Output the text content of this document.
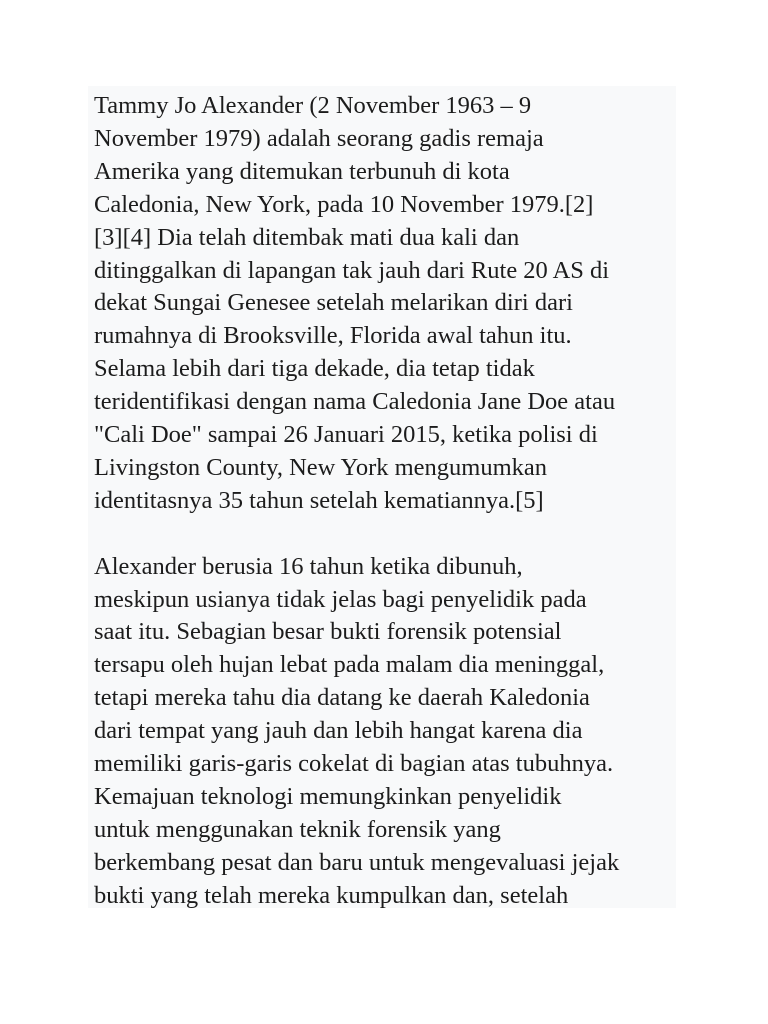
Tammy Jo Alexander (2 November 1963 – 9
November 1979) adalah seorang gadis remaja
Amerika yang ditemukan terbunuh di kota
Caledonia, New York, pada 10 November 1979.[2]
[3][4] Dia telah ditembak mati dua kali dan
ditinggalkan di lapangan tak jauh dari Rute 20 AS di
dekat Sungai Genesee setelah melarikan diri dari
rumahnya di Brooksville, Florida awal tahun itu.
Selama lebih dari tiga dekade, dia tetap tidak
teridentifikasi dengan nama Caledonia Jane Doe atau
"Cali Doe" sampai 26 Januari 2015, ketika polisi di
Livingston County, New York mengumumkan
identitasnya 35 tahun setelah kematiannya.[5]

Alexander berusia 16 tahun ketika dibunuh,
meskipun usianya tidak jelas bagi penyelidik pada
saat itu. Sebagian besar bukti forensik potensial
tersapu oleh hujan lebat pada malam dia meninggal,
tetapi mereka tahu dia datang ke daerah Kaledonia
dari tempat yang jauh dan lebih hangat karena dia
memiliki garis-garis cokelat di bagian atas tubuhnya.
Kemajuan teknologi memungkinkan penyelidik
untuk menggunakan teknik forensik yang
berkembang pesat dan baru untuk mengevaluasi jejak
bukti yang telah mereka kumpulkan dan, setelah
